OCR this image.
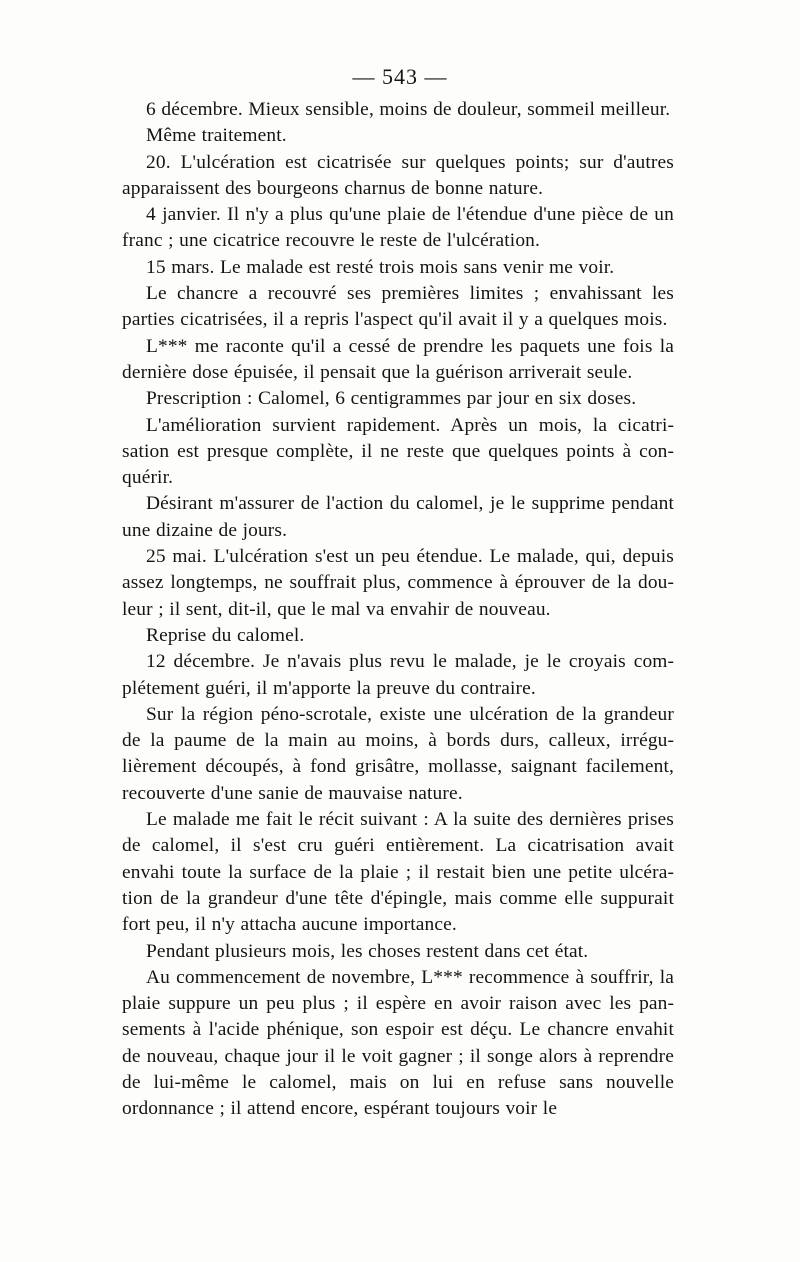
— 543 —

6 décembre. Mieux sensible, moins de douleur, sommeil meilleur.

Même traitement.

20. L'ulcération est cicatrisée sur quelques points; sur d'autres apparaissent des bourgeons charnus de bonne nature.

4 janvier. Il n'y a plus qu'une plaie de l'étendue d'une pièce de un franc ; une cicatrice recouvre le reste de l'ulcération.

15 mars. Le malade est resté trois mois sans venir me voir.

Le chancre a recouvré ses premières limites ; envahissant les parties cicatrisées, il a repris l'aspect qu'il avait il y a quelques mois.

L*** me raconte qu'il a cessé de prendre les paquets une fois la dernière dose épuisée, il pensait que la guérison arriverait seule.

Prescription : Calomel, 6 centigrammes par jour en six doses.

L'amélioration survient rapidement. Après un mois, la cicatrisation est presque complète, il ne reste que quelques points à conquérir.

Désirant m'assurer de l'action du calomel, je le supprime pendant une dizaine de jours.

25 mai. L'ulcération s'est un peu étendue. Le malade, qui, depuis assez longtemps, ne souffrait plus, commence à éprouver de la douleur ; il sent, dit-il, que le mal va envahir de nouveau.

Reprise du calomel.

12 décembre. Je n'avais plus revu le malade, je le croyais complétement guéri, il m'apporte la preuve du contraire.

Sur la région péno-scrotale, existe une ulcération de la grandeur de la paume de la main au moins, à bords durs, calleux, irrégulièrement découpés, à fond grisâtre, mollasse, saignant facilement, recouverte d'une sanie de mauvaise nature.

Le malade me fait le récit suivant : A la suite des dernières prises de calomel, il s'est cru guéri entièrement. La cicatrisation avait envahi toute la surface de la plaie ; il restait bien une petite ulcération de la grandeur d'une tête d'épingle, mais comme elle suppurait fort peu, il n'y attacha aucune importance.

Pendant plusieurs mois, les choses restent dans cet état.

Au commencement de novembre, L*** recommence à souffrir, la plaie suppure un peu plus ; il espère en avoir raison avec les pansements à l'acide phénique, son espoir est déçu. Le chancre envahit de nouveau, chaque jour il le voit gagner ; il songe alors à reprendre de lui-même le calomel, mais on lui en refuse sans nouvelle ordonnance ; il attend encore, espérant toujours voir le
